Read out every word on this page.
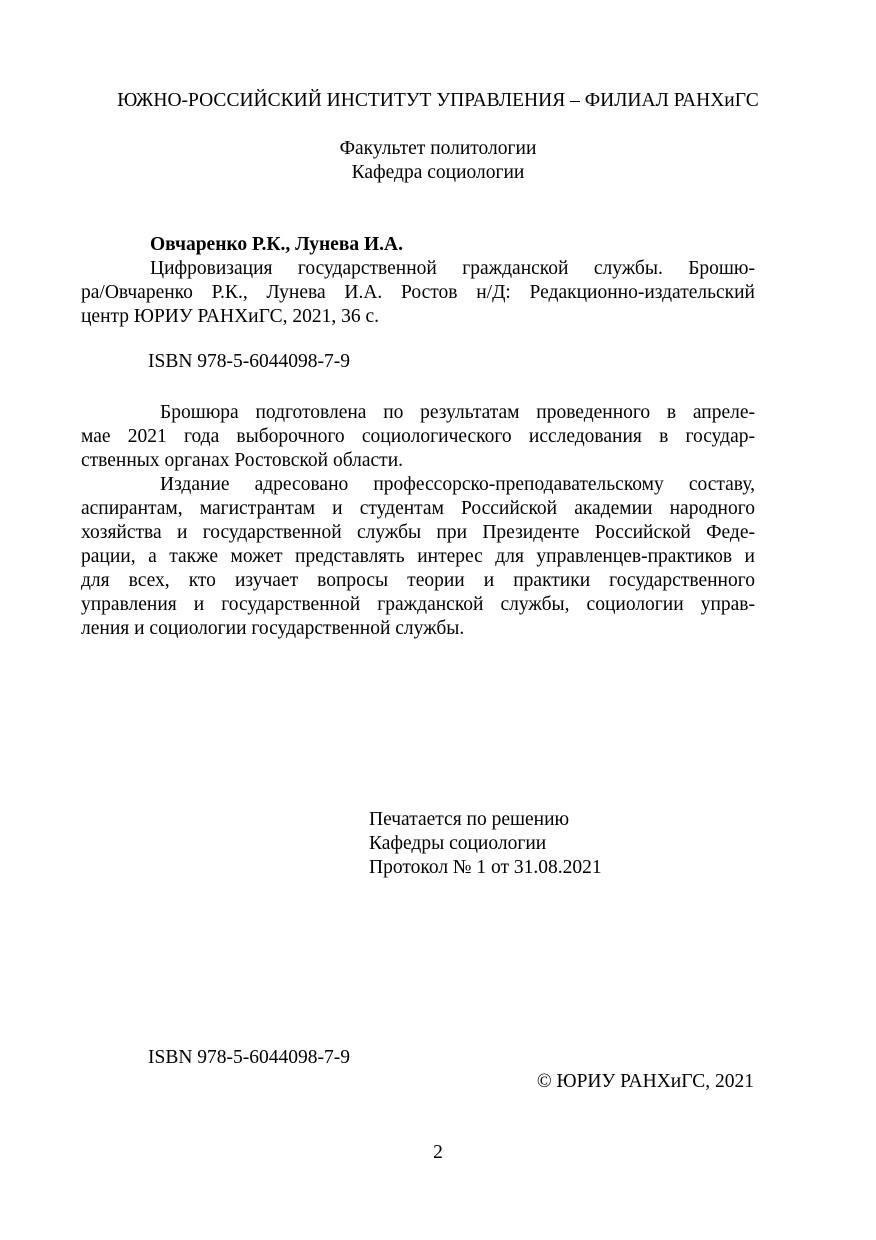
ЮЖНО-РОССИЙСКИЙ ИНСТИТУТ УПРАВЛЕНИЯ – ФИЛИАЛ РАНХиГС

Факультет политологии

Кафедра социологии

Овчаренко Р.К., Лунева И.А.

Цифровизация государственной гражданской службы. Брошю-

ра/Овчаренко Р.К., Лунева И.А. Ростов н/Д: Редакционно-издательский

центр ЮРИУ РАНХиГС, 2021, 36 с.

ISBN 978-5-6044098-7-9

Брошюра подготовлена по результатам проведенного в апреле-

мае 2021 года выборочного социологического исследования в государ-

ственных органах Ростовской области.

Издание адресовано профессорско-преподавательскому составу,

аспирантам, магистрантам и студентам Российской академии народного

хозяйства и государственной службы при Президенте Российской Феде-

рации, а также может представлять интерес для управленцев-практиков и

для всех, кто изучает вопросы теории и практики государственного

управления и государственной гражданской службы, социологии управ-

ления и социологии государственной службы.

Печатается по решению

Кафедры социологии

Протокол № 1 от 31.08.2021

ISBN 978-5-6044098-7-9

© ЮРИУ РАНХиГС, 2021

2
